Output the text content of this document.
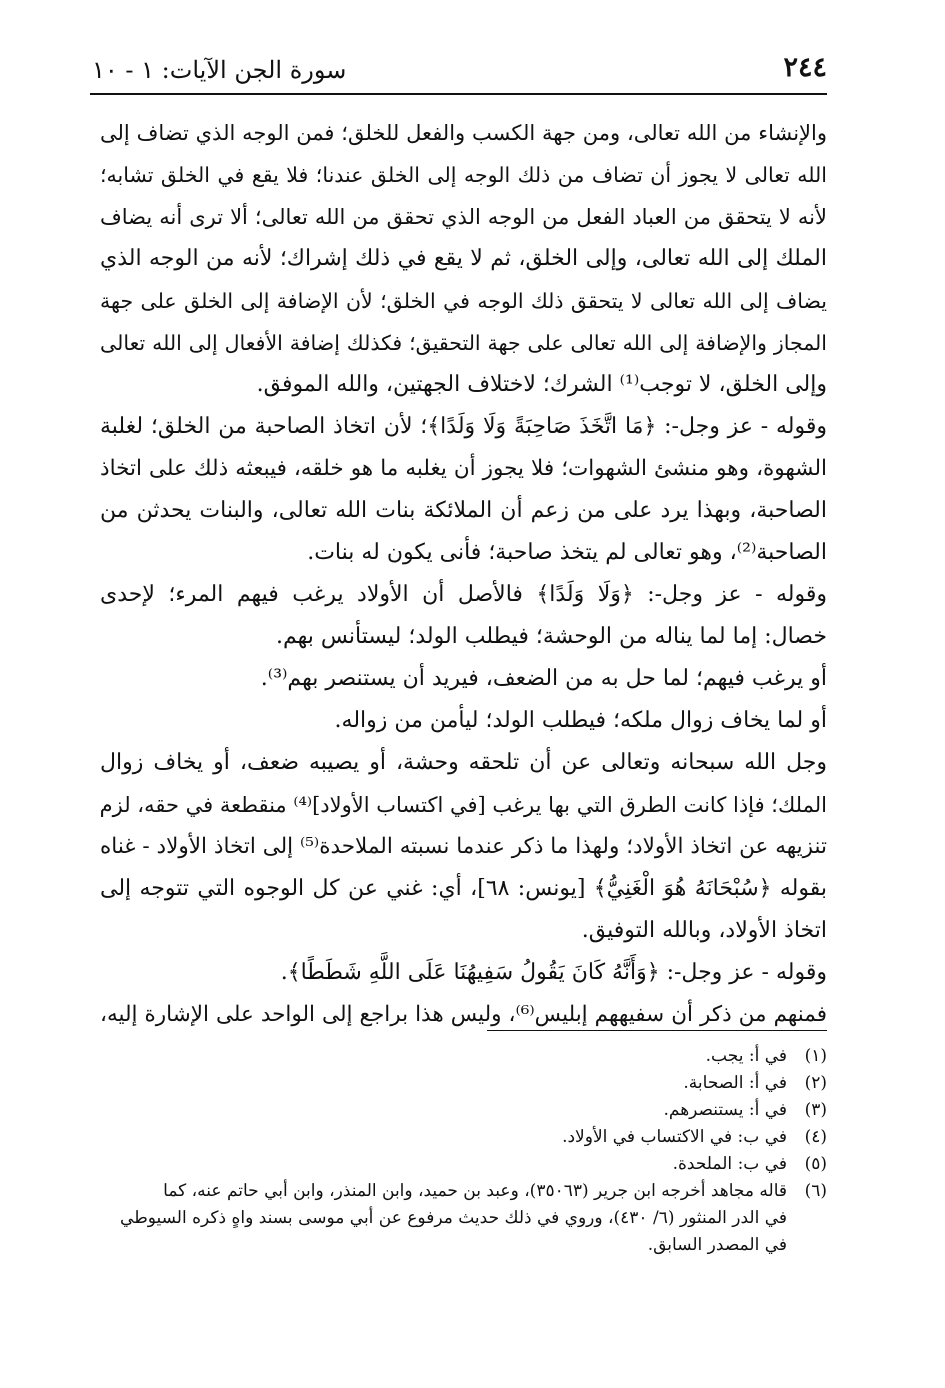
٢٤٤
سورة الجن الآيات: ١ - ١٠
والإنشاء من الله تعالى، ومن جهة الكسب والفعل للخلق؛ فمن الوجه الذي تضاف إلى
الله تعالى لا يجوز أن تضاف من ذلك الوجه إلى الخلق عندنا؛ فلا يقع في الخلق تشابه؛
لأنه لا يتحقق من العباد الفعل من الوجه الذي تحقق من الله تعالى؛ ألا ترى أنه يضاف
الملك إلى الله تعالى، وإلى الخلق، ثم لا يقع في ذلك إشراك؛ لأنه من الوجه الذي
يضاف إلى الله تعالى لا يتحقق ذلك الوجه في الخلق؛ لأن الإضافة إلى الخلق على جهة
المجاز والإضافة إلى الله تعالى على جهة التحقيق؛ فكذلك إضافة الأفعال إلى الله تعالى
وإلى الخلق، لا توجب⁽¹⁾ الشرك؛ لاختلاف الجهتين، والله الموفق.
وقوله - عز وجل-: ﴿مَا اتَّخَذَ صَاحِبَةً وَلَا وَلَدًا﴾؛ لأن اتخاذ الصاحبة من الخلق؛ لغلبة
الشهوة، وهو منشئ الشهوات؛ فلا يجوز أن يغلبه ما هو خلقه، فيبعثه ذلك على اتخاذ
الصاحبة، وبهذا يرد على من زعم أن الملائكة بنات الله تعالى، والبنات يحدثن من
الصاحبة⁽²⁾، وهو تعالى لم يتخذ صاحبة؛ فأنى يكون له بنات.
وقوله - عز وجل-: ﴿وَلَا وَلَدًا﴾ فالأصل أن الأولاد يرغب فيهم المرء؛ لإحدى
خصال: إما لما يناله من الوحشة؛ فيطلب الولد؛ ليستأنس بهم.
أو يرغب فيهم؛ لما حل به من الضعف، فيريد أن يستنصر بهم⁽³⁾.
أو لما يخاف زوال ملكه؛ فيطلب الولد؛ ليأمن من زواله.
وجل الله سبحانه وتعالى عن أن تلحقه وحشة، أو يصيبه ضعف، أو يخاف زوال
الملك؛ فإذا كانت الطرق التي بها يرغب [في اكتساب الأولاد]⁽⁴⁾ منقطعة في حقه، لزم
تنزيهه عن اتخاذ الأولاد؛ ولهذا ما ذكر عندما نسبته الملاحدة⁽⁵⁾ إلى اتخاذ الأولاد - غناه
بقوله ﴿سُبْحَانَهُ هُوَ الْغَنِيُّ﴾ [يونس: ٦٨]، أي: غني عن كل الوجوه التي تتوجه إلى
اتخاذ الأولاد، وبالله التوفيق.
وقوله - عز وجل-: ﴿وَأَنَّهُ كَانَ يَقُولُ سَفِيهُنَا عَلَى اللَّهِ شَطَطًا﴾.
فمنهم من ذكر أن سفيههم إبليس⁽⁶⁾، وليس هذا براجع إلى الواحد على الإشارة إليه،
(١)في أ: يجب.
(٢)في أ: الصحابة.
(٣)في أ: يستنصرهم.
(٤)في ب: في الاكتساب في الأولاد.
(٥)في ب: الملحدة.
(٦)قاله مجاهد أخرجه ابن جرير (٣٥٠٦٣)، وعبد بن حميد، وابن المنذر، وابن أبي حاتم عنه، كما
في الدر المنثور (٦/ ٤٣٠)، وروي في ذلك حديث مرفوع عن أبي موسى بسند واهٍ ذكره السيوطي
في المصدر السابق.
